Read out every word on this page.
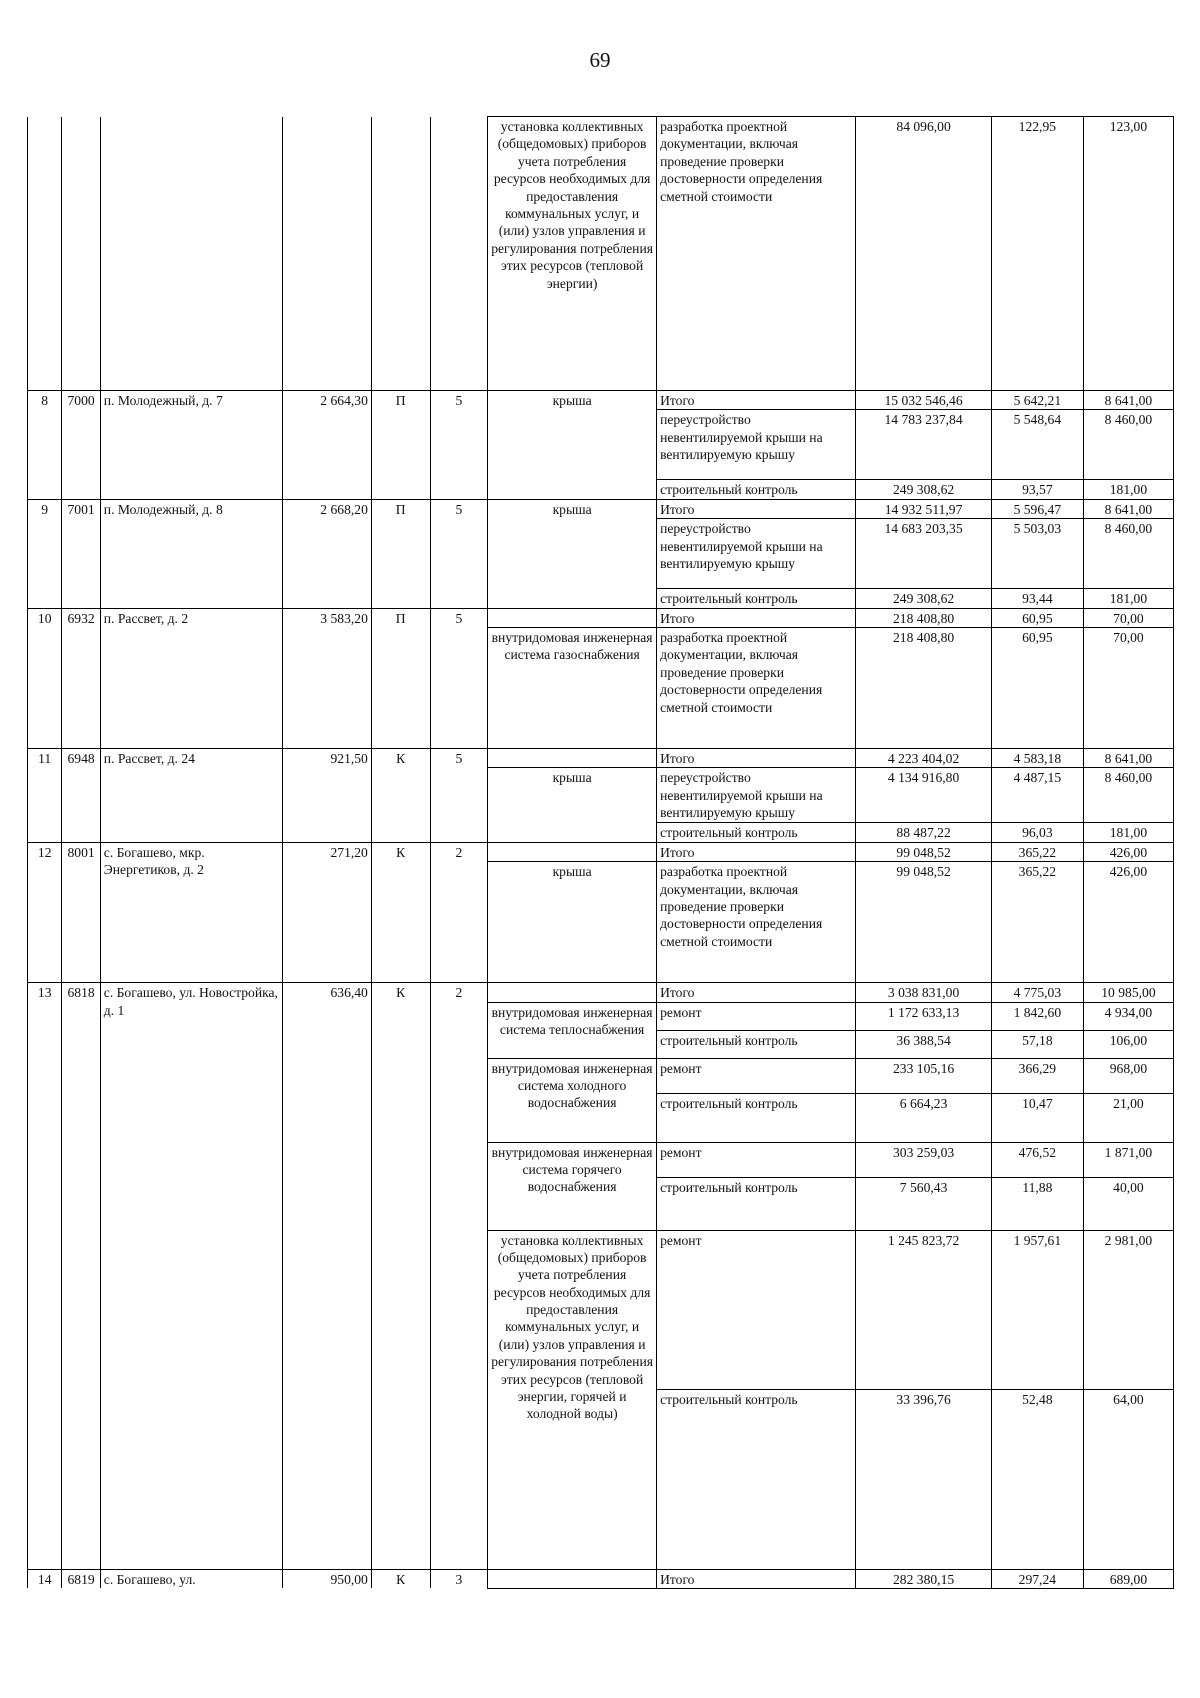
69
						установка коллективных (общедомовых) приборов учета потребления ресурсов необходимых для предоставления коммунальных услуг, и (или) узлов управления и регулирования потребления этих ресурсов (тепловой энергии)	разработка проектной документации, включая проведение проверки достоверности определения сметной стоимости	84 096,00	122,95	123,00
8	7000	п. Молодежный, д. 7	2 664,30	П	5	крыша	Итого	15 032 546,46	5 642,21	8 641,00
							переустройство невентилируемой крыши на вентилируемую крышу	14 783 237,84	5 548,64	8 460,00
							строительный контроль	249 308,62	93,57	181,00
9	7001	п. Молодежный, д. 8	2 668,20	П	5	крыша	Итого	14 932 511,97	5 596,47	8 641,00
							переустройство невентилируемой крыши на вентилируемую крышу	14 683 203,35	5 503,03	8 460,00
							строительный контроль	249 308,62	93,44	181,00
10	6932	п. Рассвет, д. 2	3 583,20	П	5		Итого	218 408,80	60,95	70,00
						внутридомовая инженерная система газоснабжения	разработка проектной документации, включая проведение проверки достоверности определения сметной стоимости	218 408,80	60,95	70,00
11	6948	п. Рассвет, д. 24	921,50	К	5		Итого	4 223 404,02	4 583,18	8 641,00
						крыша	переустройство невентилируемой крыши на вентилируемую крышу	4 134 916,80	4 487,15	8 460,00
							строительный контроль	88 487,22	96,03	181,00
12	8001	с. Богашево, мкр. Энергетиков, д. 2	271,20	К	2		Итого	99 048,52	365,22	426,00
						крыша	разработка проектной документации, включая проведение проверки достоверности определения сметной стоимости	99 048,52	365,22	426,00
13	6818	с. Богашево, ул. Новостройка, д. 1	636,40	К	2		Итого	3 038 831,00	4 775,03	10 985,00
						внутридомовая инженерная система теплоснабжения	ремонт	1 172 633,13	1 842,60	4 934,00
							строительный контроль	36 388,54	57,18	106,00
						внутридомовая инженерная система холодного водоснабжения	ремонт	233 105,16	366,29	968,00
							строительный контроль	6 664,23	10,47	21,00
						внутридомовая инженерная система горячего водоснабжения	ремонт	303 259,03	476,52	1 871,00
							строительный контроль	7 560,43	11,88	40,00
						установка коллективных (общедомовых) приборов учета потребления ресурсов необходимых для предоставления коммунальных услуг, и (или) узлов управления и регулирования потребления этих ресурсов (тепловой энергии, горячей и холодной воды)	ремонт	1 245 823,72	1 957,61	2 981,00
							строительный контроль	33 396,76	52,48	64,00
14	6819	с. Богашево, ул.	950,00	К	3		Итого	282 380,15	297,24	689,00
